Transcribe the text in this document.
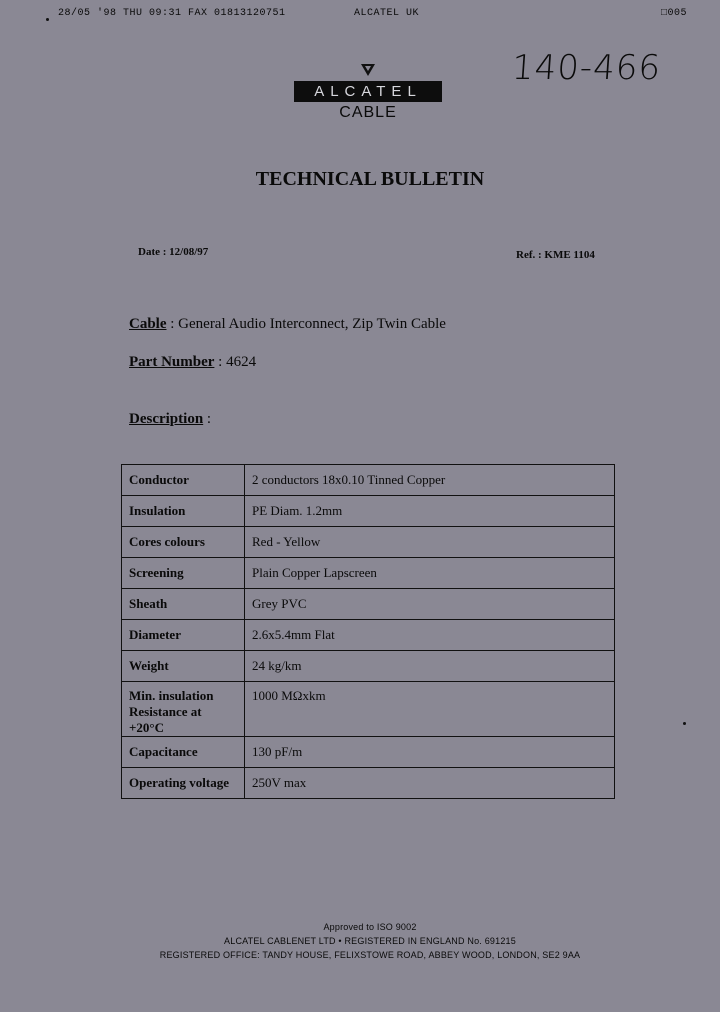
28/05 '98 THU 09:31 FAX 01813120751	ALCATEL UK	□005
140-466
ALCATEL
CABLE
TECHNICAL BULLETIN
Date : 12/08/97	Ref. : KME 1104
Cable : General Audio Interconnect, Zip Twin Cable
Part Number : 4624
Description :
Conductor	2 conductors 18x0.10 Tinned Copper
Insulation	PE Diam. 1.2mm
Cores colours	Red - Yellow
Screening	Plain Copper Lapscreen
Sheath	Grey PVC
Diameter	2.6x5.4mm Flat
Weight	24 kg/km
Min. insulation Resistance at +20°C	1000 MΩxkm
Capacitance	130 pF/m
Operating voltage	250V max
Approved to ISO 9002
ALCATEL CABLENET LTD • REGISTERED IN ENGLAND No. 691215
REGISTERED OFFICE: TANDY HOUSE, FELIXSTOWE ROAD, ABBEY WOOD, LONDON, SE2 9AA
